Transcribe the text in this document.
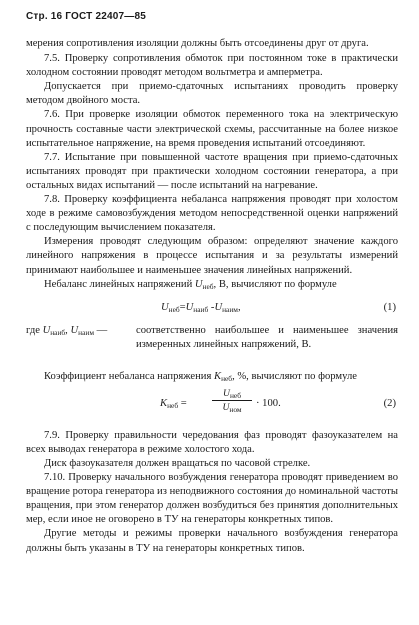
Стр. 16 ГОСТ 22407—85

мерения сопротивления изоляции должны быть отсоединены друг от друга.

7.5. Проверку сопротивления обмоток при постоянном токе в практически холодном состоянии проводят методом вольтметра и амперметра.

Допускается при приемо-сдаточных испытаниях проводить проверку методом двойного моста.

7.6. При проверке изоляции обмоток переменного тока на электрическую прочность составные части электрической схемы, рассчитанные на более низкое испытательное напряжение, на время проведения испытаний отсоединяют.

7.7. Испытание при повышенной частоте вращения при приемо-сдаточных испытаниях проводят при практически холодном состоянии генератора, а при остальных видах испытаний — после испытаний на нагревание.

7.8. Проверку коэффициента небаланса напряжения проводят при холостом ходе в режиме самовозбуждения методом непосредственной оценки напряжений с последующим вычислением показателя.

Измерения проводят следующим образом: определяют значение каждого линейного напряжения в процессе испытания и за результаты измерений принимают наибольшее и наименьшее значения линейных напряжений.

Небаланс линейных напряжений $U_{неб}$, В, вычисляют по формуле

$U_{неб}=U_{наиб}$ $-U_{наим}$,	(1)
где $U_{наиб}$, $U_{наим}$ —	соответственно наибольшее и наименьшее значения измеренных линейных напряжений, В.

Коэффициент небаланса напряжения $K_{неб}$, %, вычисляют по формуле

$K_{неб}$ =
$U_{неб}$
$U_{ном}$
· 100.	(2)

7.9. Проверку правильности чередования фаз проводят фазоуказателем на всех выводах генератора в режиме холостого хода.

Диск фазоуказателя должен вращаться по часовой стрелке.

7.10. Проверку начального возбуждения генератора проводят приведением во вращение ротора генератора из неподвижного состояния до номинальной частоты вращения, при этом генератор должен возбудиться без принятия дополнительных мер, если иное не оговорено в ТУ на генераторы конкретных типов.

Другие методы и режимы проверки начального возбуждения генератора должны быть указаны в ТУ на генераторы конкретных типов.
